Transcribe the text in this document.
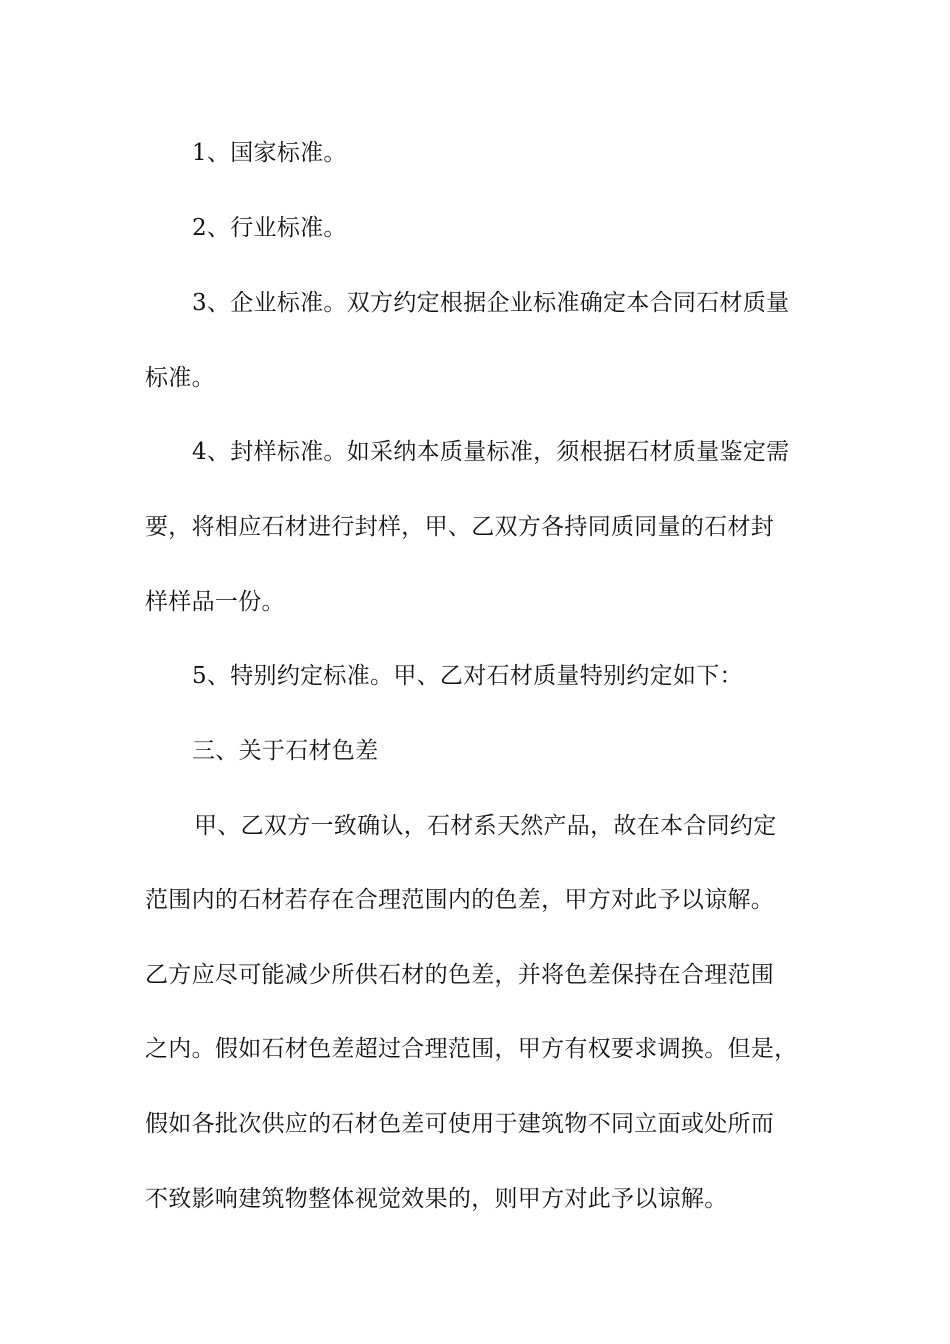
1、国家标准。
2、行业标准。
3、企业标准。双方约定根据企业标准确定本合同石材质量
标准。
4、封样标准。如采纳本质量标准，须根据石材质量鉴定需
要，将相应石材进行封样，甲、乙双方各持同质同量的石材封
样样品一份。
5、特别约定标准。甲、乙对石材质量特别约定如下：
三、关于石材色差
甲、乙双方一致确认，石材系天然产品，故在本合同约定
范围内的石材若存在合理范围内的色差，甲方对此予以谅解。
乙方应尽可能减少所供石材的色差，并将色差保持在合理范围
之内。假如石材色差超过合理范围，甲方有权要求调换。但是，
假如各批次供应的石材色差可使用于建筑物不同立面或处所而
不致影响建筑物整体视觉效果的，则甲方对此予以谅解。
